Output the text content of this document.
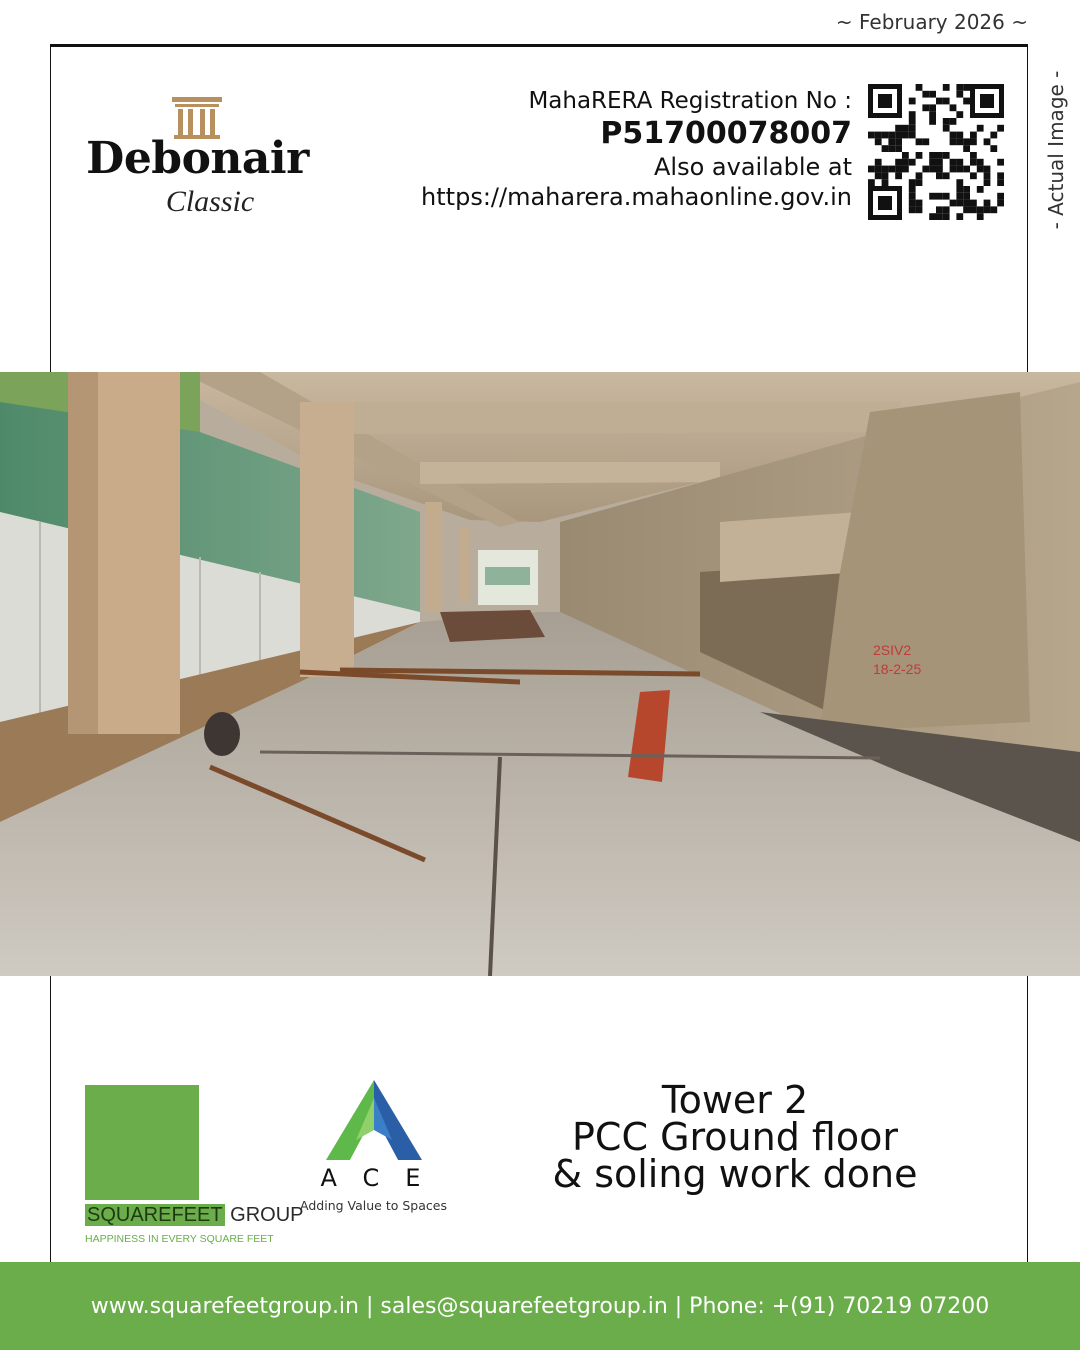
~ February 2026 ~
- Actual Image -
Debonair
Classic
MahaRERA Registration No :
P51700078007
Also available at
https://maharera.mahaonline.gov.in
2SIV2
18-2-25
SQUAREFEET GROUP
HAPPINESS IN EVERY SQUARE FEET
ACE
Adding Value to Spaces
Tower 2
PCC Ground floor
& soling work done
www.squarefeetgroup.in | sales@squarefeetgroup.in | Phone: +(91) 70219 07200
